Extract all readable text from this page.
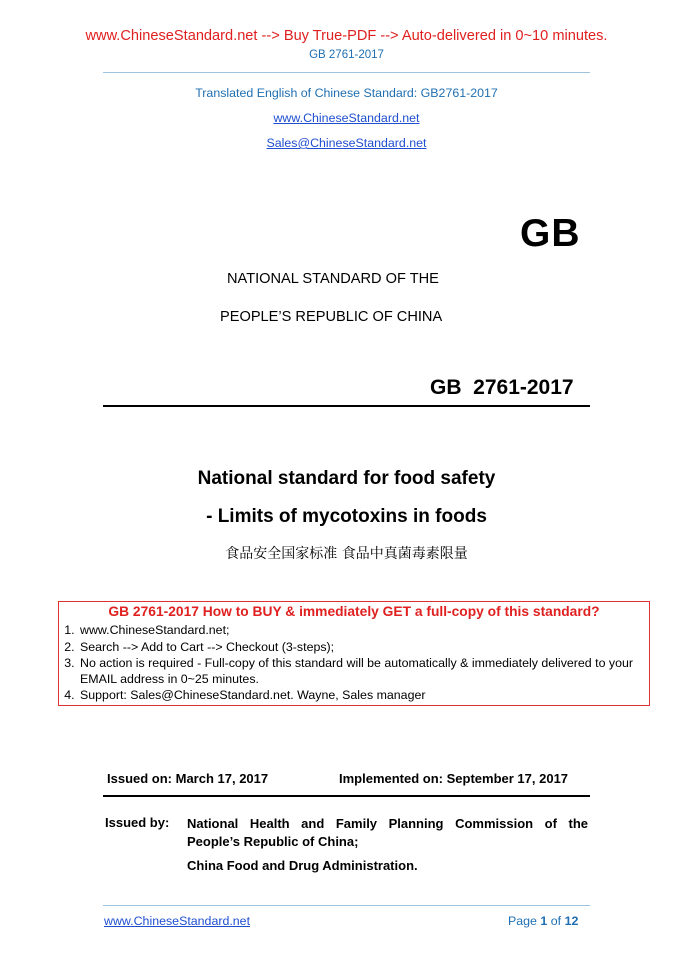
www.ChineseStandard.net --> Buy True-PDF --> Auto-delivered in 0~10 minutes.
GB 2761-2017
Translated English of Chinese Standard: GB2761-2017
www.ChineseStandard.net
Sales@ChineseStandard.net
GB
NATIONAL STANDARD OF THE
PEOPLE’S REPUBLIC OF CHINA
GB  2761-2017
National standard for food safety
- Limits of mycotoxins in foods
食品安全国家标准 食品中真菌毒素限量
GB 2761-2017 How to BUY & immediately GET a full-copy of this standard?
1. www.ChineseStandard.net;
2. Search --> Add to Cart --> Checkout (3-steps);
3. No action is required - Full-copy of this standard will be automatically & immediately delivered to your EMAIL address in 0~25 minutes.
4. Support: Sales@ChineseStandard.net. Wayne, Sales manager
Issued on: March 17, 2017	Implemented on: September 17, 2017
Issued by: National Health and Family Planning Commission of the People’s Republic of China;
China Food and Drug Administration.
www.ChineseStandard.net	Page 1 of 12
